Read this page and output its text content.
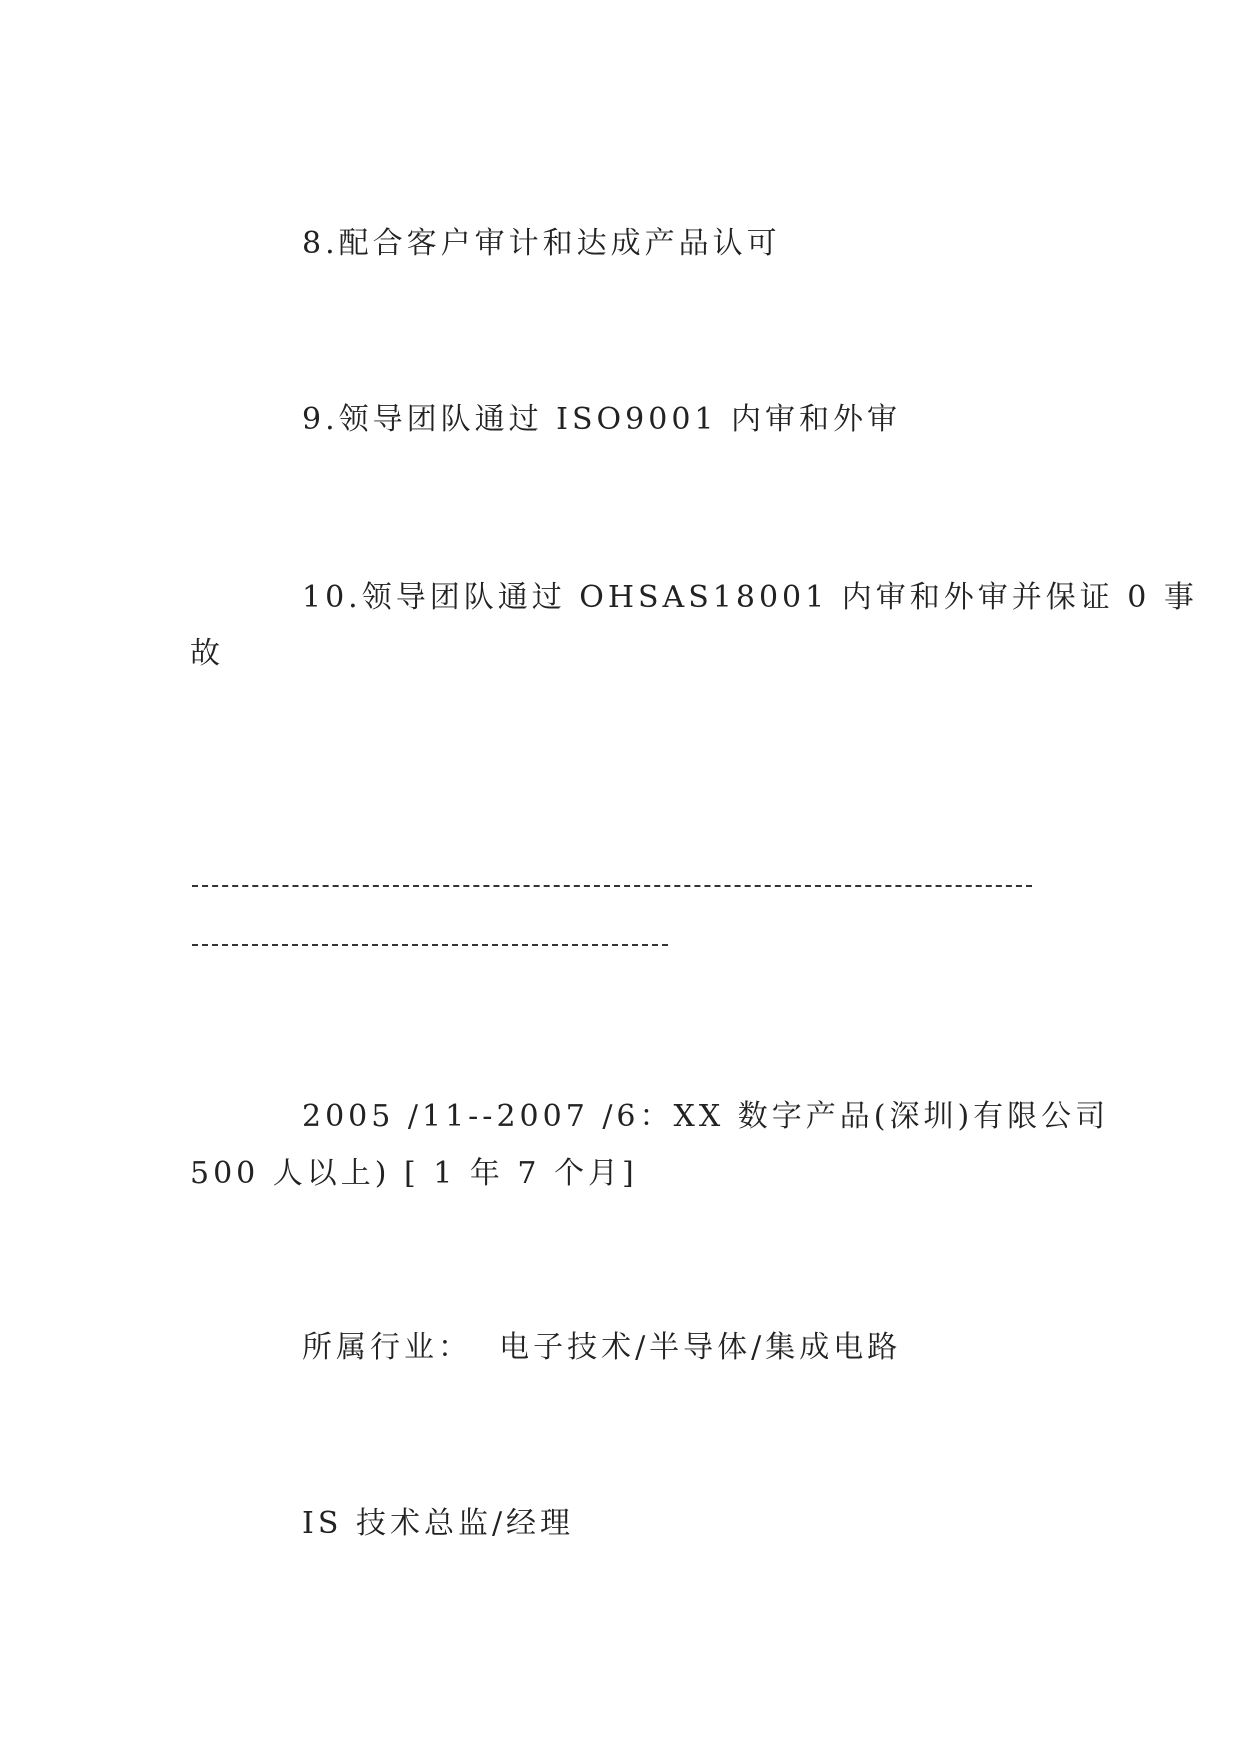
8.配合客户审计和达成产品认可
9.领导团队通过 ISO9001 内审和外审
10.领导团队通过 OHSAS18001 内审和外审并保证 0 事
故
2005 /11--2007 /6：XX 数字产品(深圳)有限公司
500 人以上) [ 1 年 7 个月]
所属行业：  电子技术/半导体/集成电路
IS 技术总监/经理
